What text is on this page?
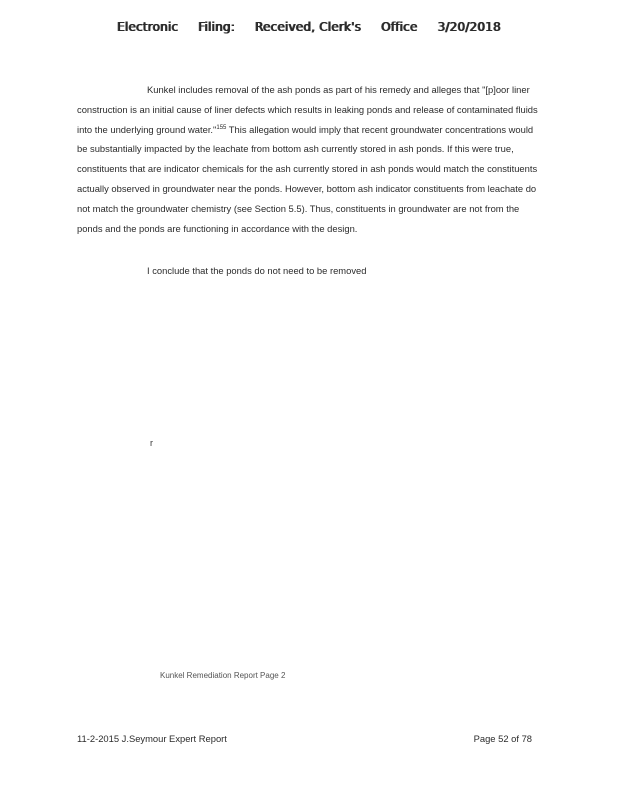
Electronic Filing: Received, Clerk's Office 3/20/2018

Kunkel includes removal of the ash ponds as part of his remedy and alleges that "[p]oor liner construction is an initial cause of liner defects which results in leaking ponds and release of contaminated fluids into the underlying ground water."$^{155}$ This allegation would imply that recent groundwater concentrations would be substantially impacted by the leachate from bottom ash currently stored in ash ponds. If this were true, constituents that are indicator chemicals for the ash currently stored in ash ponds would match the constituents actually observed in groundwater near the ponds. However, bottom ash indicator constituents from leachate do not match the groundwater chemistry (see Section 5.5). Thus, constituents in groundwater are not from the ponds and the ponds are functioning in accordance with the design.

I conclude that the ponds do not need to be removed
r
Kunkel Remediation Report Page 2
11-2-2015 J.Seymour Expert Report	Page 52 of 78
